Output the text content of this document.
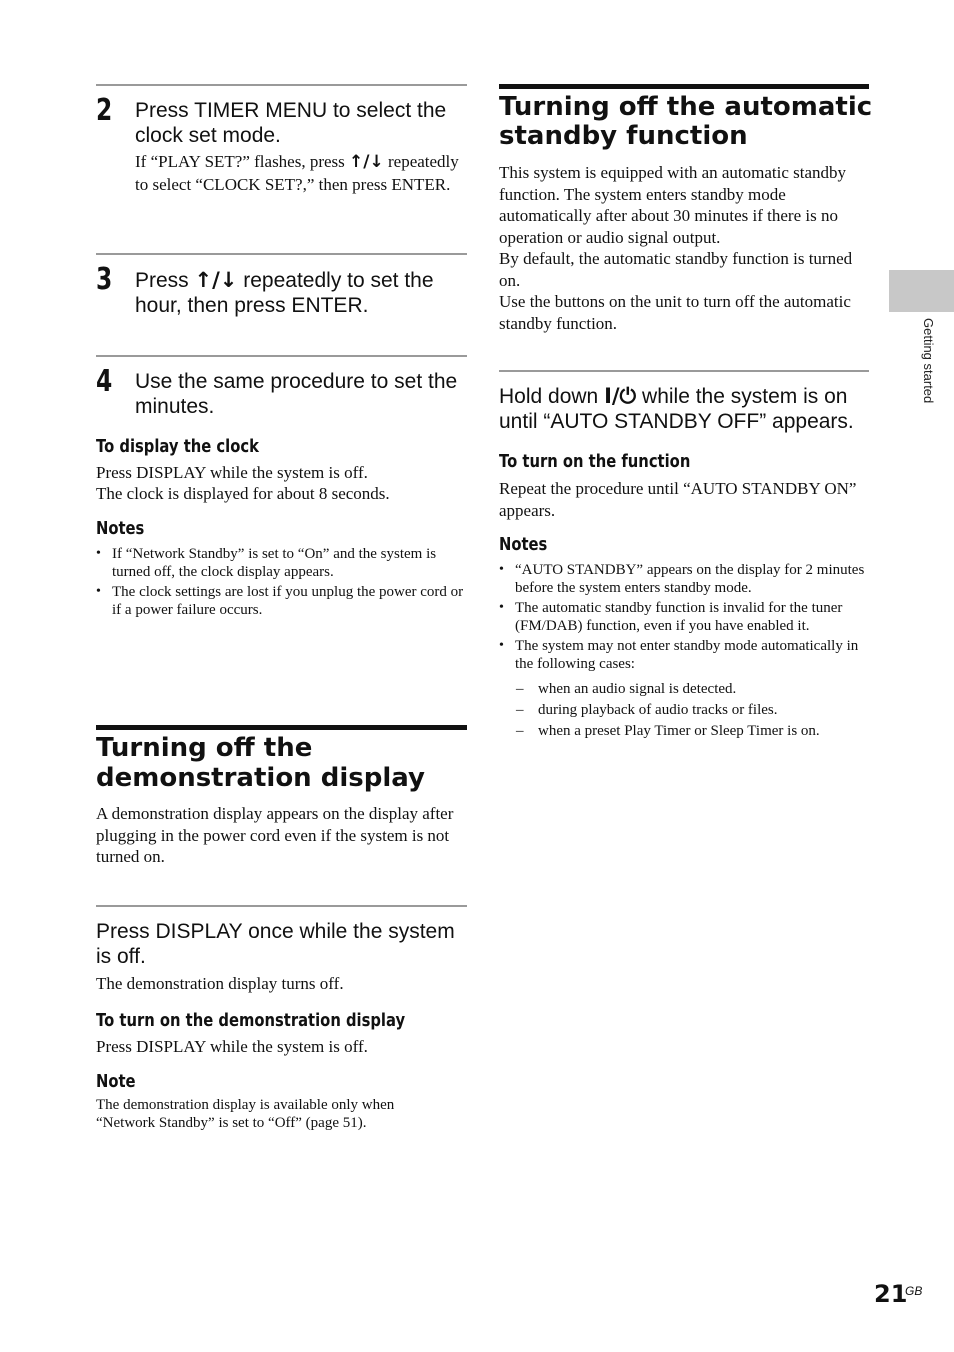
2 Press TIMER MENU to select the clock set mode.
If “PLAY SET?” flashes, press ↑/↓ repeatedly to select “CLOCK SET?,” then press ENTER.
3 Press ↑/↓ repeatedly to set the hour, then press ENTER.
4 Use the same procedure to set the minutes.
To display the clock
Press DISPLAY while the system is off.
The clock is displayed for about 8 seconds.
Notes
• If “Network Standby” is set to “On” and the system is turned off, the clock display appears.
• The clock settings are lost if you unplug the power cord or if a power failure occurs.
Turning off the
demonstration display
A demonstration display appears on the display after plugging in the power cord even if the system is not turned on.
Press DISPLAY once while the system is off.
The demonstration display turns off.
To turn on the demonstration display
Press DISPLAY while the system is off.
Note
The demonstration display is available only when “Network Standby” is set to “Off” (page 51).
Turning off the automatic
standby function
This system is equipped with an automatic standby function. The system enters standby mode automatically after about 30 minutes if there is no operation or audio signal output.
By default, the automatic standby function is turned on.
Use the buttons on the unit to turn off the automatic standby function.
Hold down I/⏻ while the system is on until “AUTO STANDBY OFF” appears.
To turn on the function
Repeat the procedure until “AUTO STANDBY ON” appears.
Notes
• “AUTO STANDBY” appears on the display for 2 minutes before the system enters standby mode.
• The automatic standby function is invalid for the tuner (FM/DAB) function, even if you have enabled it.
• The system may not enter standby mode automatically in the following cases:
– when an audio signal is detected.
– during playback of audio tracks or files.
– when a preset Play Timer or Sleep Timer is on.
Getting started
21
GB
